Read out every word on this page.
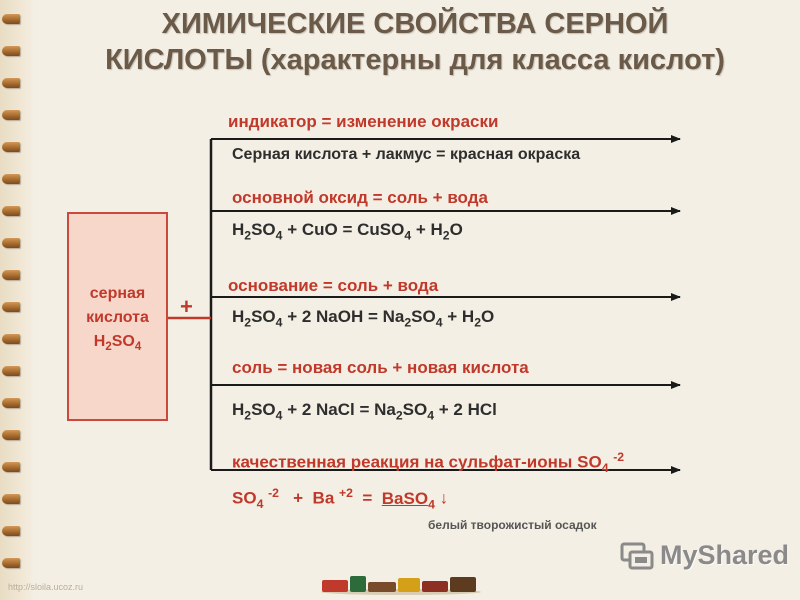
ХИМИЧЕСКИЕ СВОЙСТВА СЕРНОЙ
КИСЛОТЫ (характерны для класса кислот)
серная
кислота
$H_2SO_4$
+
индикатор = изменение окраски
Серная кислота + лакмус = красная окраска
основной оксид = соль + вода
$H_2SO_4$ + CuO = CuSO$_4$ + $H_2O$
основание = соль + вода
$H_2SO_4 + 2$ NaOH = $Na_2SO_4 + H_2O$
соль = новая соль + новая кислота
$H_2SO_4 + 2$ NaCl = $Na_2SO_4 + 2$ HCl
качественная реакция на сульфат-ионы $SO_4$ $^{-2}$
$SO_4$ $^{-2}$   +  Ba $^{+2}$  =  BaSO$_4$ ↓
белый творожистый осадок
MyShared
http://sloila.ucoz.ru
